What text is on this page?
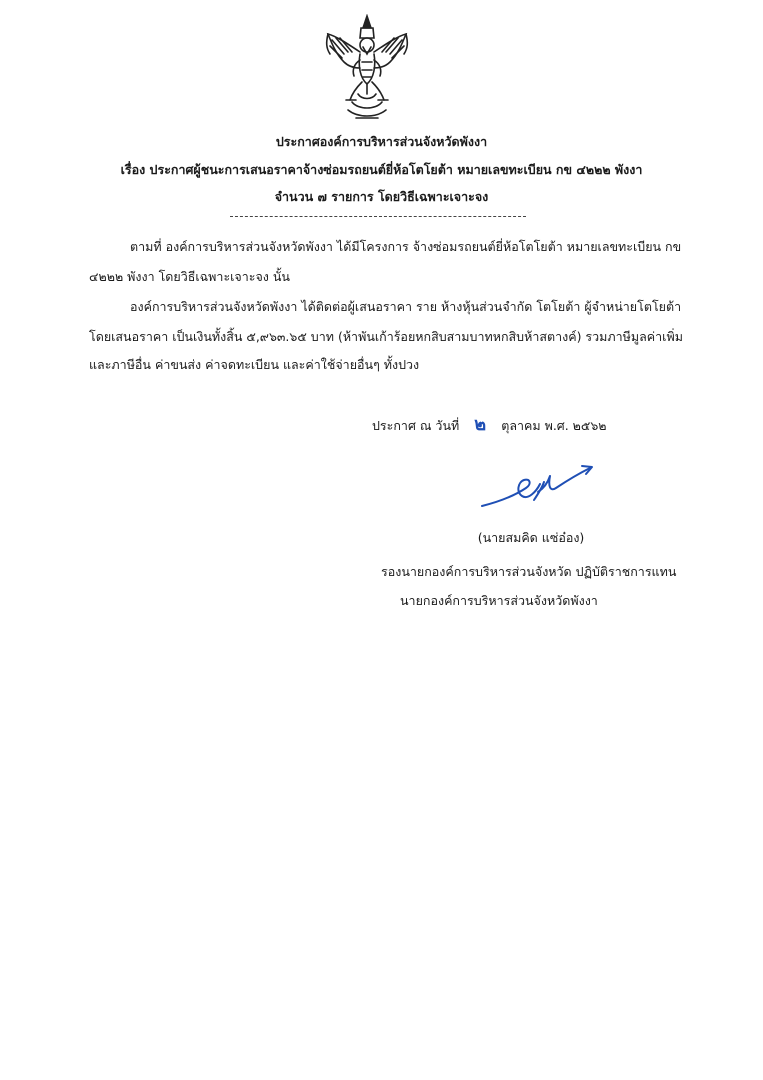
ประกาศองค์การบริหารส่วนจังหวัดพังงา
เรื่อง ประกาศผู้ชนะการเสนอราคาจ้างซ่อมรถยนต์ยี่ห้อโตโยต้า หมายเลขทะเบียน กข ๔๒๒๒ พังงา
จำนวน ๗ รายการ โดยวิธีเฉพาะเจาะจง
ตามที่ องค์การบริหารส่วนจังหวัดพังงา ได้มีโครงการ จ้างซ่อมรถยนต์ยี่ห้อโตโยต้า หมายเลขทะเบียน กข
๔๒๒๒ พังงา โดยวิธีเฉพาะเจาะจง นั้น
องค์การบริหารส่วนจังหวัดพังงา ได้ติดต่อผู้เสนอราคา ราย ห้างหุ้นส่วนจำกัด โตโยต้า ผู้จำหน่ายโตโยต้า
โดยเสนอราคา เป็นเงินทั้งสิ้น ๕,๙๖๓.๖๕ บาท (ห้าพันเก้าร้อยหกสิบสามบาทหกสิบห้าสตางค์) รวมภาษีมูลค่าเพิ่ม
และภาษีอื่น ค่าขนส่ง ค่าจดทะเบียน และค่าใช้จ่ายอื่นๆ ทั้งปวง
ประกาศ ณ วันที่ ๒ ตุลาคม พ.ศ. ๒๕๖๒
(นายสมคิด แซ่อ๋อง)
รองนายกองค์การบริหารส่วนจังหวัด ปฏิบัติราชการแทน
นายกองค์การบริหารส่วนจังหวัดพังงา
